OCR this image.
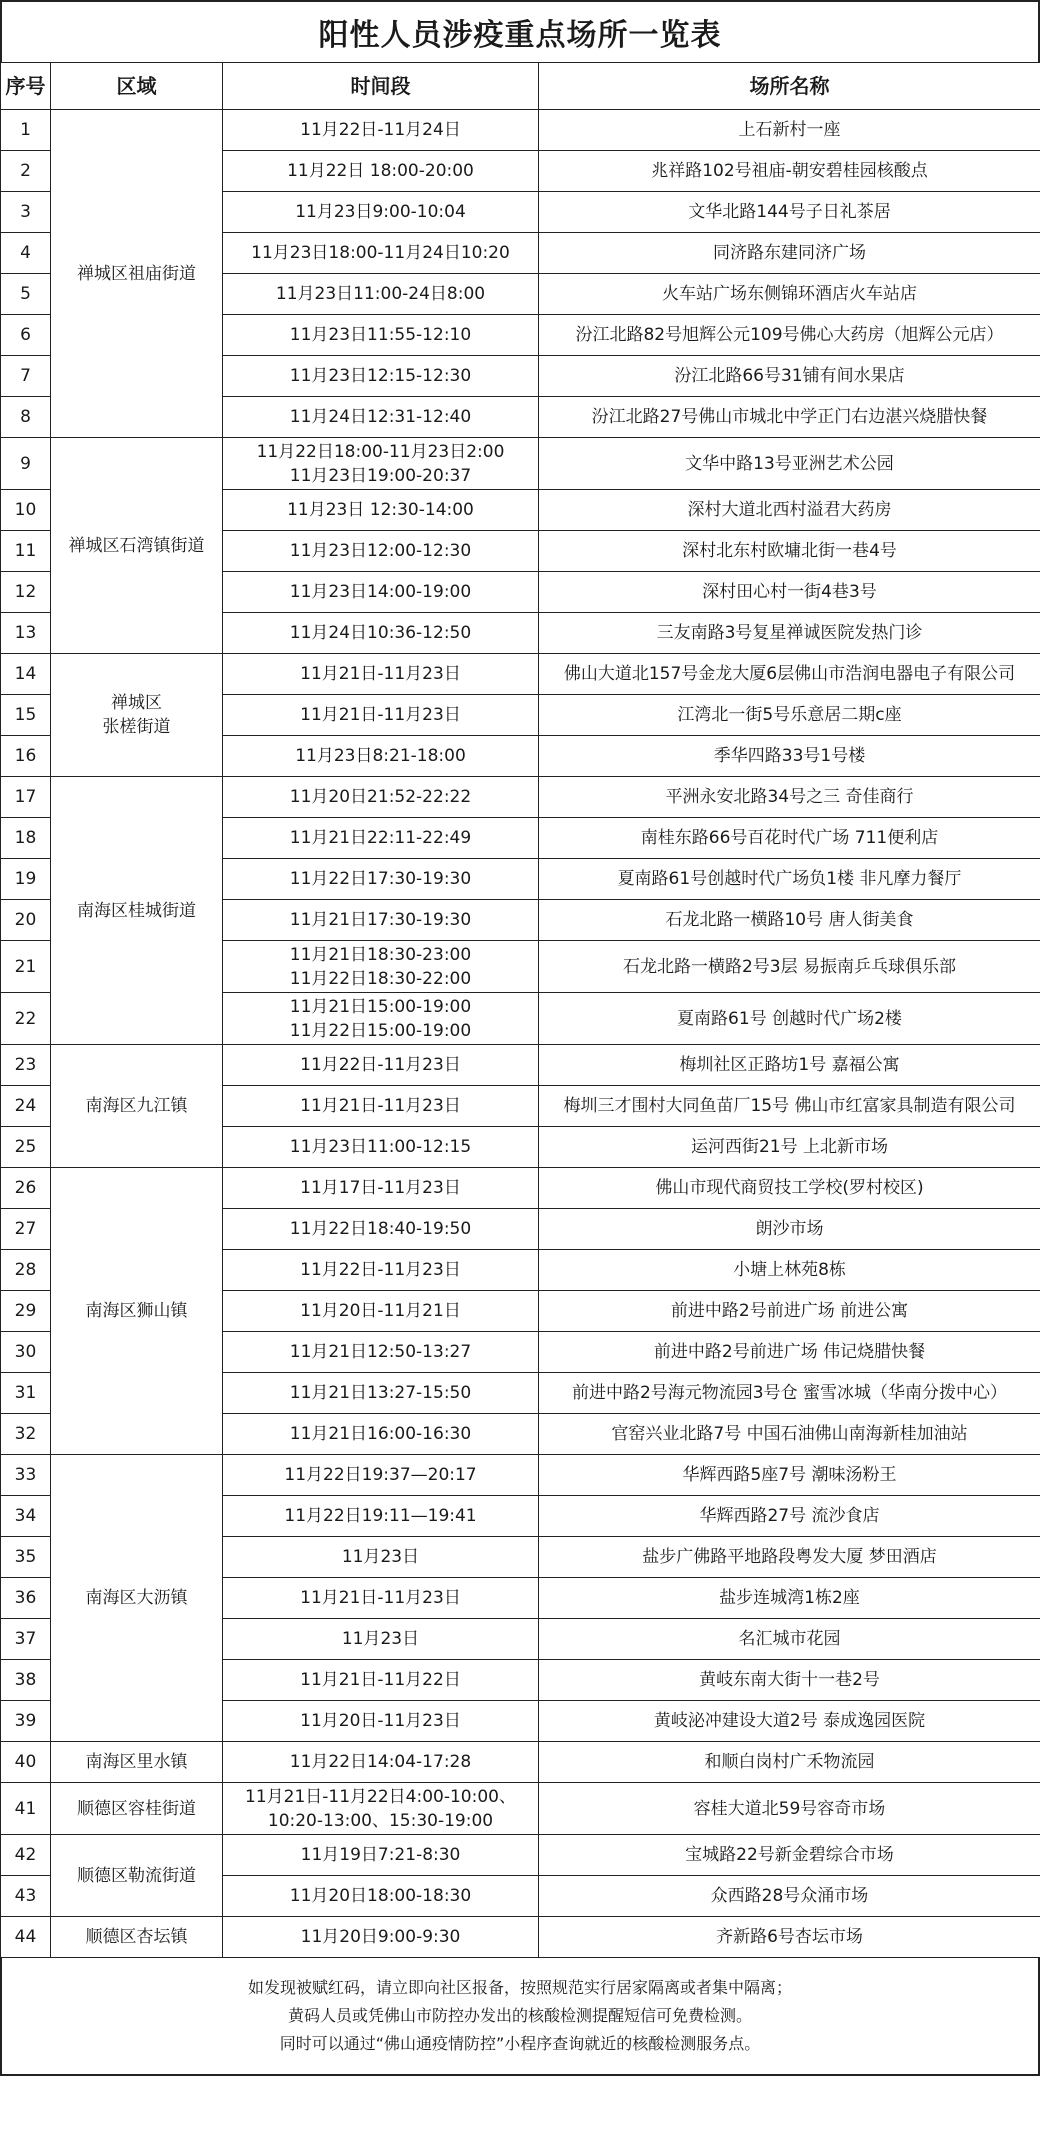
阳性人员涉疫重点场所一览表
序号	区域	时间段	场所名称
1	禅城区祖庙街道	11月22日-11月24日	上石新村一座
2		11月22日 18:00-20:00	兆祥路102号祖庙-朝安碧桂园核酸点
3		11月23日9:00-10:04	文华北路144号子日礼茶居
4		11月23日18:00-11月24日10:20	同济路东建同济广场
5		11月23日11:00-24日8:00	火车站广场东侧锦环酒店火车站店
6		11月23日11:55-12:10	汾江北路82号旭辉公元109号佛心大药房（旭辉公元店）
7		11月23日12:15-12:30	汾江北路66号31铺有间水果店
8		11月24日12:31-12:40	汾江北路27号佛山市城北中学正门右边湛兴烧腊快餐
9	禅城区石湾镇街道	11月22日18:00-11月23日2:00
11月23日19:00-20:37	文华中路13号亚洲艺术公园
10		11月23日 12:30-14:00	深村大道北西村溢君大药房
11		11月23日12:00-12:30	深村北东村欧墉北街一巷4号
12		11月23日14:00-19:00	深村田心村一街4巷3号
13		11月24日10:36-12:50	三友南路3号复星禅诚医院发热门诊
14	禅城区
张槎街道	11月21日-11月23日	佛山大道北157号金龙大厦6层佛山市浩润电器电子有限公司
15		11月21日-11月23日	江湾北一街5号乐意居二期c座
16		11月23日8:21-18:00	季华四路33号1号楼
17	南海区桂城街道	11月20日21:52-22:22	平洲永安北路34号之三 奇佳商行
18		11月21日22:11-22:49	南桂东路66号百花时代广场 711便利店
19		11月22日17:30-19:30	夏南路61号创越时代广场负1楼 非凡摩力餐厅
20		11月21日17:30-19:30	石龙北路一横路10号 唐人街美食
21		11月21日18:30-23:00
11月22日18:30-22:00	石龙北路一横路2号3层 易振南乒乓球俱乐部
22		11月21日15:00-19:00
11月22日15:00-19:00	夏南路61号 创越时代广场2楼
23	南海区九江镇	11月22日-11月23日	梅圳社区正路坊1号 嘉福公寓
24		11月21日-11月23日	梅圳三才围村大同鱼苗厂15号 佛山市红富家具制造有限公司
25		11月23日11:00-12:15	运河西街21号 上北新市场
26	南海区狮山镇	11月17日-11月23日	佛山市现代商贸技工学校(罗村校区)
27		11月22日18:40-19:50	朗沙市场
28		11月22日-11月23日	小塘上林苑8栋
29		11月20日-11月21日	前进中路2号前进广场 前进公寓
30		11月21日12:50-13:27	前进中路2号前进广场 伟记烧腊快餐
31		11月21日13:27-15:50	前进中路2号海元物流园3号仓 蜜雪冰城（华南分拨中心）
32		11月21日16:00-16:30	官窑兴业北路7号 中国石油佛山南海新桂加油站
33	南海区大沥镇	11月22日19:37—20:17	华辉西路5座7号 潮味汤粉王
34		11月22日19:11—19:41	华辉西路27号 流沙食店
35		11月23日	盐步广佛路平地路段粤发大厦 梦田酒店
36		11月21日-11月23日	盐步连城湾1栋2座
37		11月23日	名汇城市花园
38		11月21日-11月22日	黄岐东南大街十一巷2号
39		11月20日-11月23日	黄岐泌冲建设大道2号 泰成逸园医院
40	南海区里水镇	11月22日14:04-17:28	和顺白岗村广禾物流园
41	顺德区容桂街道	11月21日-11月22日4:00-10:00、
10:20-13:00、15:30-19:00	容桂大道北59号容奇市场
42	顺德区勒流街道	11月19日7:21-8:30	宝城路22号新金碧综合市场
43		11月20日18:00-18:30	众西路28号众涌市场
44	顺德区杏坛镇	11月20日9:00-9:30	齐新路6号杏坛市场
如发现被赋红码，请立即向社区报备，按照规范实行居家隔离或者集中隔离；
黄码人员或凭佛山市防控办发出的核酸检测提醒短信可免费检测。
同时可以通过“佛山通疫情防控”小程序查询就近的核酸检测服务点。
